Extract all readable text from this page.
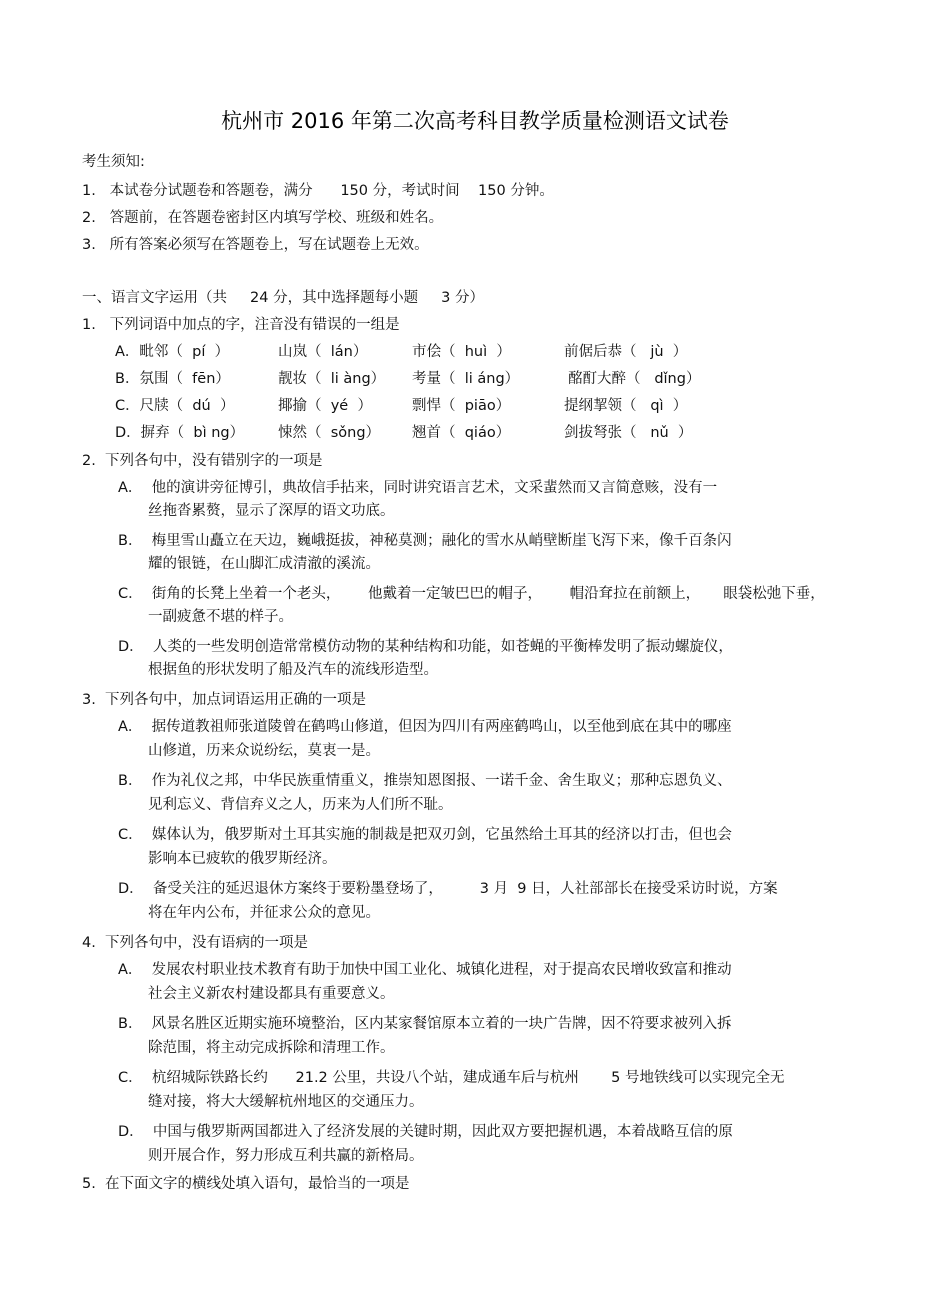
杭州市 2016 年第二次高考科目教学质量检测语文试卷
考生须知:
1.   本试卷分试题卷和答题卷，满分      150 分，考试时间    150 分钟。
2.   答题前，在答题卷密封区内填写学校、班级和姓名。
3.   所有答案必须写在答题卷上，写在试题卷上无效。
一、语言文字运用（共     24 分，其中选择题每小题     3 分）
1.   下列词语中加点的字，注音没有错误的一组是
A．毗邻（  pí  ）	山岚（  lán）	市侩（  huì  ）	前倨后恭（   jù  ）
B．氛围（  fēn）	靓妆（  li àng） 考量（  li áng）	酩酊大醉（   dǐng）
C．尺牍（  dú  ）	揶揄（  yé  ）	剽悍（  piāo）	提纲挈领（   qì  ）
D．摒弃（  bì ng） 悚然（  sǒng） 翘首（  qiáo）	剑拔弩张（   nǔ  ）
2.  下列各句中，没有错别字的一项是
A．  他的演讲旁征博引，典故信手拈来，同时讲究语言艺术，文采蜚然而又言简意赅，没有一
丝拖沓累赘，显示了深厚的语文功底。
B．  梅里雪山矗立在天边，巍峨挺拔，神秘莫测；融化的雪水从峭壁断崖飞泻下来，像千百条闪
耀的银链，在山脚汇成清澈的溪流。
C．  街角的长凳上坐着一个老头，      他戴着一定皱巴巴的帽子，      帽沿耷拉在前额上，     眼袋松弛下垂，
一副疲惫不堪的样子。
D．  人类的一些发明创造常常模仿动物的某种结构和功能，如苍蝇的平衡棒发明了振动螺旋仪，
根据鱼的形状发明了船及汽车的流线形造型。
3.  下列各句中，加点词语运用正确的一项是
A．  据传道教祖师张道陵曾在鹤鸣山修道，但因为四川有两座鹤鸣山，以至他到底在其中的哪座
山修道，历来众说纷纭，莫衷一是。
B．  作为礼仪之邦，中华民族重情重义，推崇知恩图报、一诺千金、舍生取义；那种忘恩负义、
见利忘义、背信弃义之人，历来为人们所不耻。
C．  媒体认为，俄罗斯对土耳其实施的制裁是把双刃剑，它虽然给土耳其的经济以打击，但也会
影响本已疲软的俄罗斯经济。
D．  备受关注的延迟退休方案终于要粉墨登场了，        3 月  9 日，人社部部长在接受采访时说，方案
将在年内公布，并征求公众的意见。
4.  下列各句中，没有语病的一项是
A．  发展农村职业技术教育有助于加快中国工业化、城镇化进程，对于提高农民增收致富和推动
社会主义新农村建设都具有重要意义。
B．  风景名胜区近期实施环境整治，区内某家餐馆原本立着的一块广告牌，因不符要求被列入拆
除范围，将主动完成拆除和清理工作。
C．  杭绍城际铁路长约      21.2 公里，共设八个站，建成通车后与杭州       5 号地铁线可以实现完全无
缝对接，将大大缓解杭州地区的交通压力。
D．  中国与俄罗斯两国都进入了经济发展的关键时期，因此双方要把握机遇，本着战略互信的原
则开展合作，努力形成互利共赢的新格局。
5.  在下面文字的横线处填入语句，最恰当的一项是
